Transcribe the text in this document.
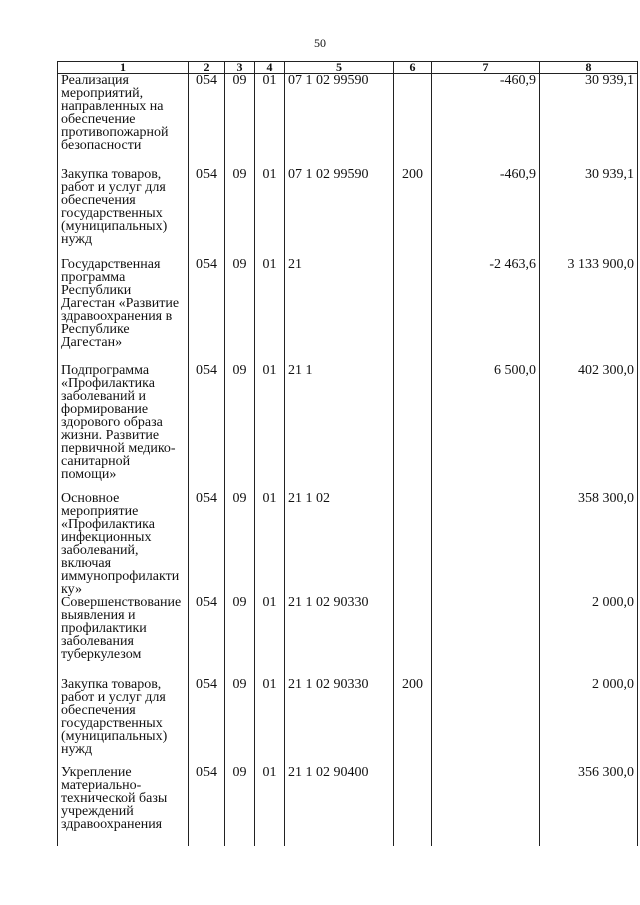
50
1	2	3	4	5	6	7	8
Реализация мероприятий, направленных на обеспечение противопожарной безопасности	054	09	01	07 1 02 99590		-460,9	30 939,1
Закупка товаров, работ и услуг для обеспечения государственных (муниципальных) нужд	054	09	01	07 1 02 99590	200	-460,9	30 939,1
Государственная программа Республики Дагестан «Развитие здравоохранения в Республике Дагестан»	054	09	01	21		-2 463,6	3 133 900,0
Подпрограмма «Профилактика заболеваний и формирование здорового образа жизни. Развитие первичной медико-санитарной помощи»	054	09	01	21 1		6 500,0	402 300,0
Основное мероприятие «Профилактика инфекционных заболеваний, включая иммунопрофилактику»	054	09	01	21 1 02			358 300,0
Совершенствование выявления и профилактики заболевания туберкулезом	054	09	01	21 1 02 90330			2 000,0
Закупка товаров, работ и услуг для обеспечения государственных (муниципальных) нужд	054	09	01	21 1 02 90330	200		2 000,0
Укрепление материально-технической базы учреждений здравоохранения	054	09	01	21 1 02 90400			356 300,0
